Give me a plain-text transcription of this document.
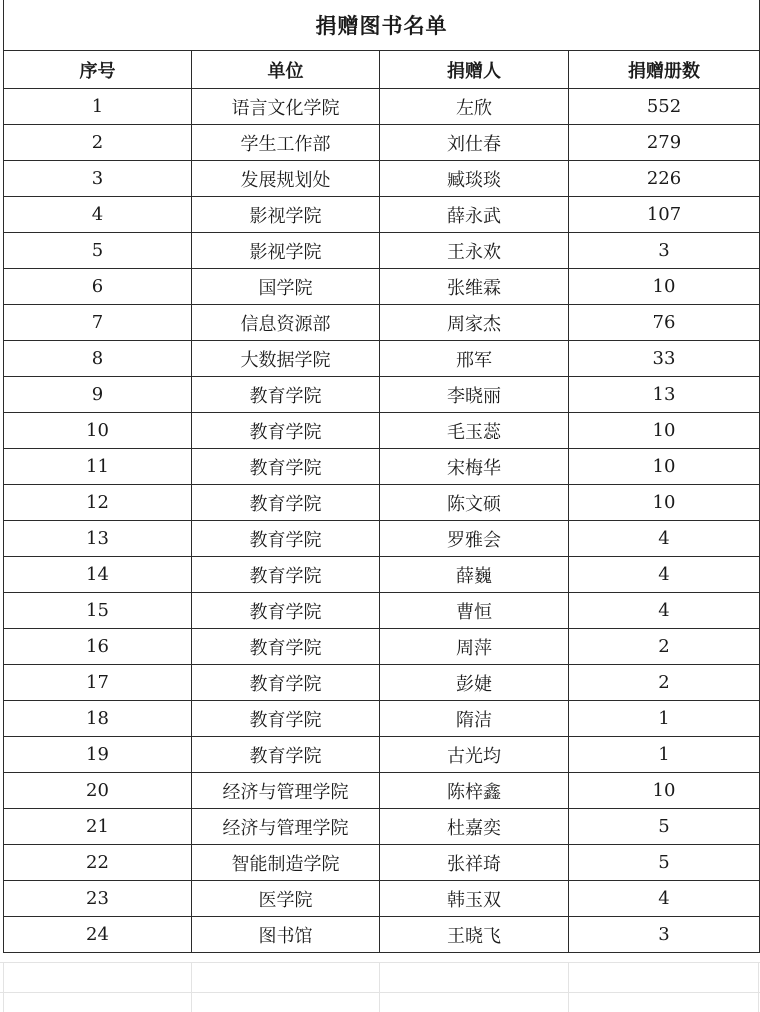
捐赠图书名单			
序号	单位	捐赠人	捐赠册数
1	语言文化学院	左欣	552
2	学生工作部	刘仕春	279
3	发展规划处	臧琰琰	226
4	影视学院	薛永武	107
5	影视学院	王永欢	3
6	国学院	张维霖	10
7	信息资源部	周家杰	76
8	大数据学院	邢军	33
9	教育学院	李晓丽	13
10	教育学院	毛玉蕊	10
11	教育学院	宋梅华	10
12	教育学院	陈文硕	10
13	教育学院	罗雅会	4
14	教育学院	薛巍	4
15	教育学院	曹恒	4
16	教育学院	周萍	2
17	教育学院	彭婕	2
18	教育学院	隋洁	1
19	教育学院	古光均	1
20	经济与管理学院	陈梓鑫	10
21	经济与管理学院	杜嘉奕	5
22	智能制造学院	张祥琦	5
23	医学院	韩玉双	4
24	图书馆	王晓飞	3
